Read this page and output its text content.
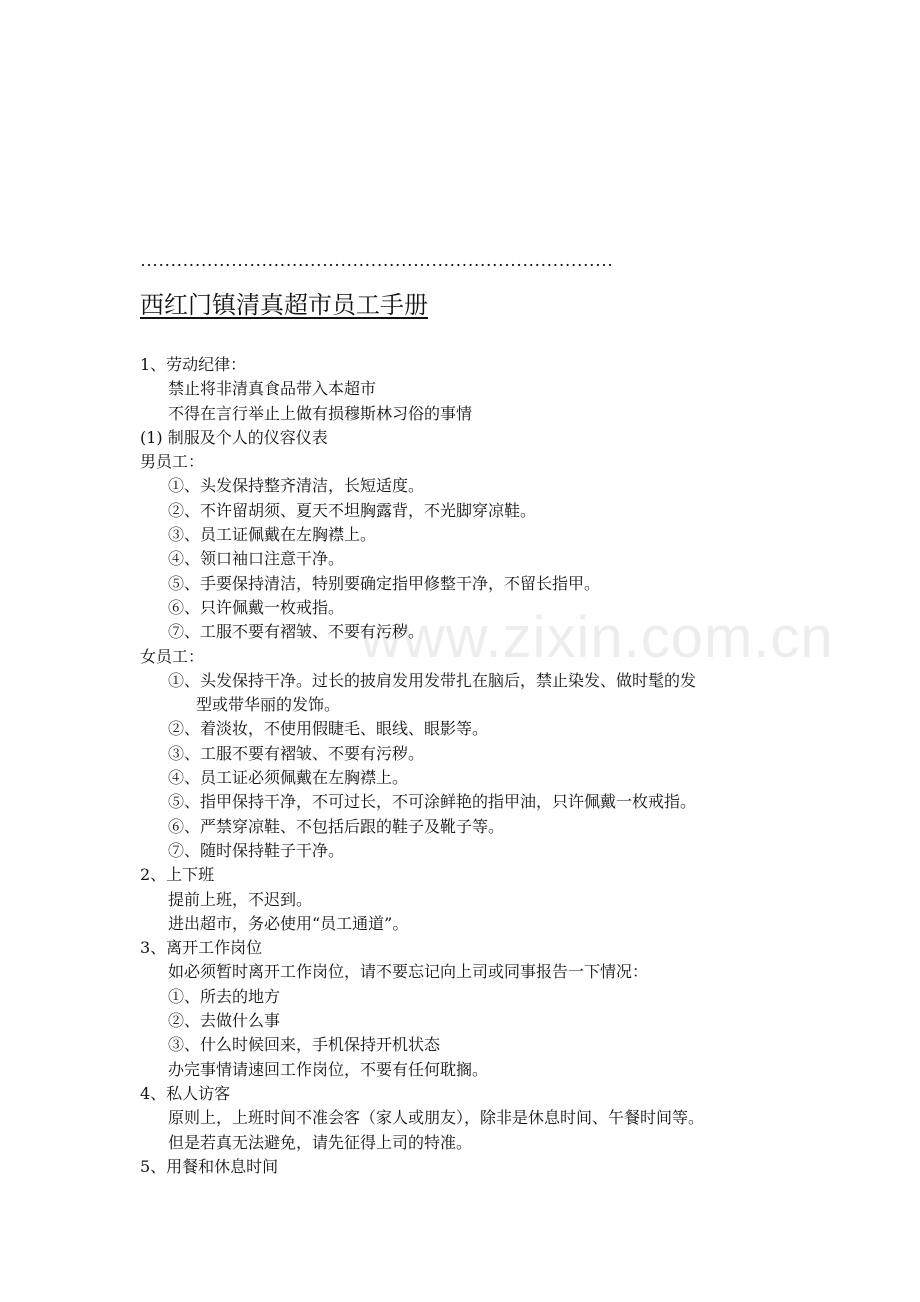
……………………………………………………………………
西红门镇清真超市员工手册
www.zixin.com.cn
1、劳动纪律：
禁止将非清真食品带入本超市
不得在言行举止上做有损穆斯林习俗的事情
(1) 制服及个人的仪容仪表
男员工：
①、头发保持整齐清洁，长短适度。
②、不许留胡须、夏天不坦胸露背，不光脚穿凉鞋。
③、员工证佩戴在左胸襟上。
④、领口袖口注意干净。
⑤、手要保持清洁，特别要确定指甲修整干净，不留长指甲。
⑥、只许佩戴一枚戒指。
⑦、工服不要有褶皱、不要有污秽。
女员工：
①、头发保持干净。过长的披肩发用发带扎在脑后，禁止染发、做时髦的发
型或带华丽的发饰。
②、着淡妆，不使用假睫毛、眼线、眼影等。
③、工服不要有褶皱、不要有污秽。
④、员工证必须佩戴在左胸襟上。
⑤、指甲保持干净，不可过长，不可涂鲜艳的指甲油，只许佩戴一枚戒指。
⑥、严禁穿凉鞋、不包括后跟的鞋子及靴子等。
⑦、随时保持鞋子干净。
2、上下班
提前上班，不迟到。
进出超市，务必使用“员工通道”。
3、离开工作岗位
如必须暂时离开工作岗位，请不要忘记向上司或同事报告一下情况：
①、所去的地方
②、去做什么事
③、什么时候回来，手机保持开机状态
办完事情请速回工作岗位，不要有任何耽搁。
4、私人访客
原则上，上班时间不准会客（家人或朋友），除非是休息时间、午餐时间等。
但是若真无法避免，请先征得上司的特准。
5、用餐和休息时间
